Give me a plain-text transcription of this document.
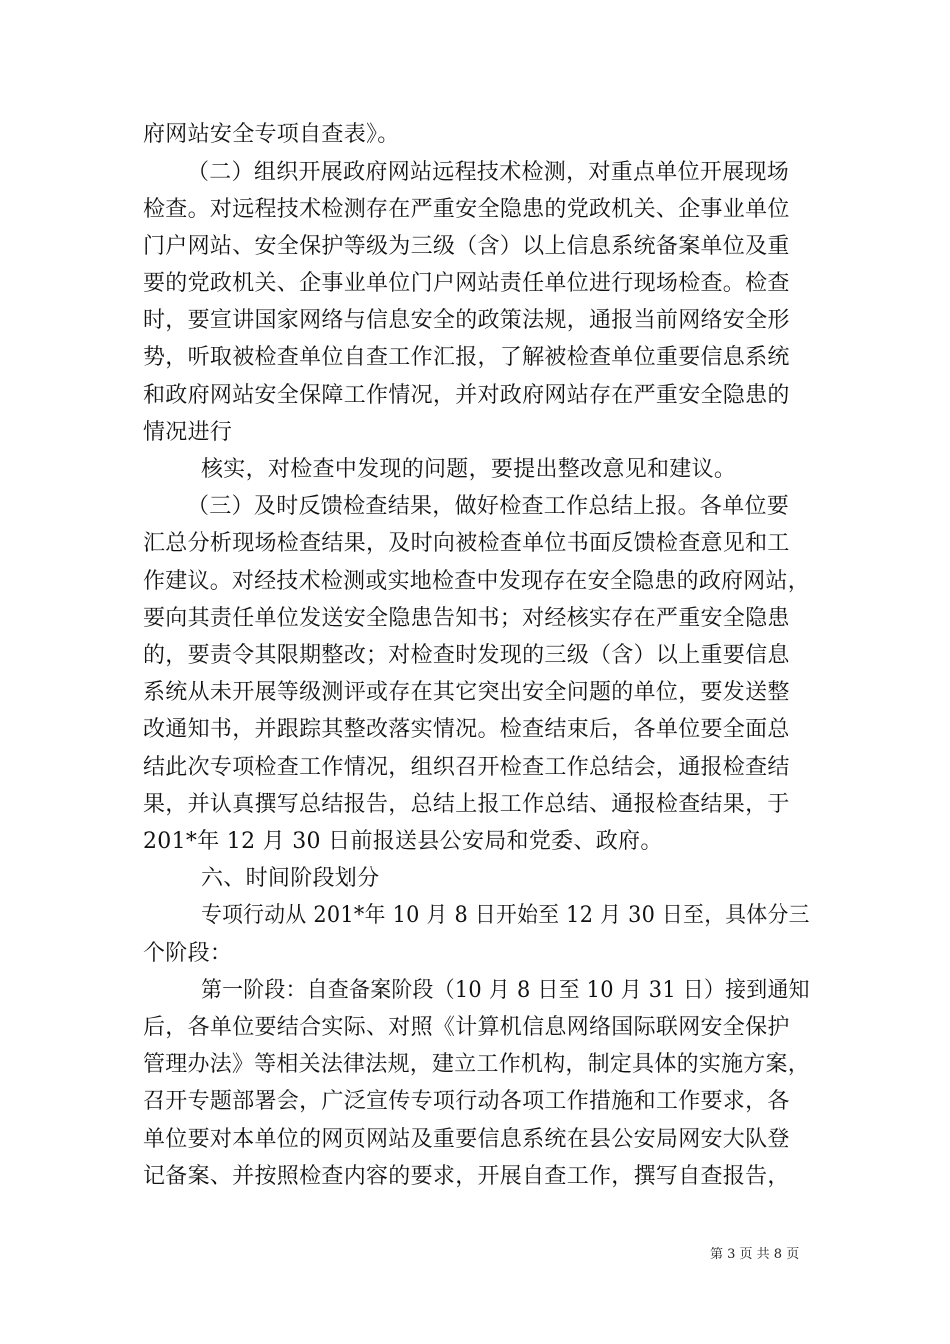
府网站安全专项自查表》。
（二）组织开展政府网站远程技术检测，对重点单位开展现场
检查。对远程技术检测存在严重安全隐患的党政机关、企事业单位
门户网站、安全保护等级为三级（含）以上信息系统备案单位及重
要的党政机关、企事业单位门户网站责任单位进行现场检查。检查
时，要宣讲国家网络与信息安全的政策法规，通报当前网络安全形
势，听取被检查单位自查工作汇报，了解被检查单位重要信息系统
和政府网站安全保障工作情况，并对政府网站存在严重安全隐患的
情况进行
核实，对检查中发现的问题，要提出整改意见和建议。
（三）及时反馈检查结果，做好检查工作总结上报。各单位要
汇总分析现场检查结果，及时向被检查单位书面反馈检查意见和工
作建议。对经技术检测或实地检查中发现存在安全隐患的政府网站，
要向其责任单位发送安全隐患告知书；对经核实存在严重安全隐患
的，要责令其限期整改；对检查时发现的三级（含）以上重要信息
系统从未开展等级测评或存在其它突出安全问题的单位，要发送整
改通知书，并跟踪其整改落实情况。检查结束后，各单位要全面总
结此次专项检查工作情况，组织召开检查工作总结会，通报检查结
果，并认真撰写总结报告，总结上报工作总结、通报检查结果，于
201*年 12 月 30 日前报送县公安局和党委、政府。
六、时间阶段划分
专项行动从 201*年 10 月 8 日开始至 12 月 30 日至，具体分三
个阶段：
第一阶段：自查备案阶段（10 月 8 日至 10 月 31 日）接到通知
后，各单位要结合实际、对照《计算机信息网络国际联网安全保护
管理办法》等相关法律法规，建立工作机构，制定具体的实施方案，
召开专题部署会，广泛宣传专项行动各项工作措施和工作要求，各
单位要对本单位的网页网站及重要信息系统在县公安局网安大队登
记备案、并按照检查内容的要求，开展自查工作，撰写自查报告，
第 3 页 共 8 页
